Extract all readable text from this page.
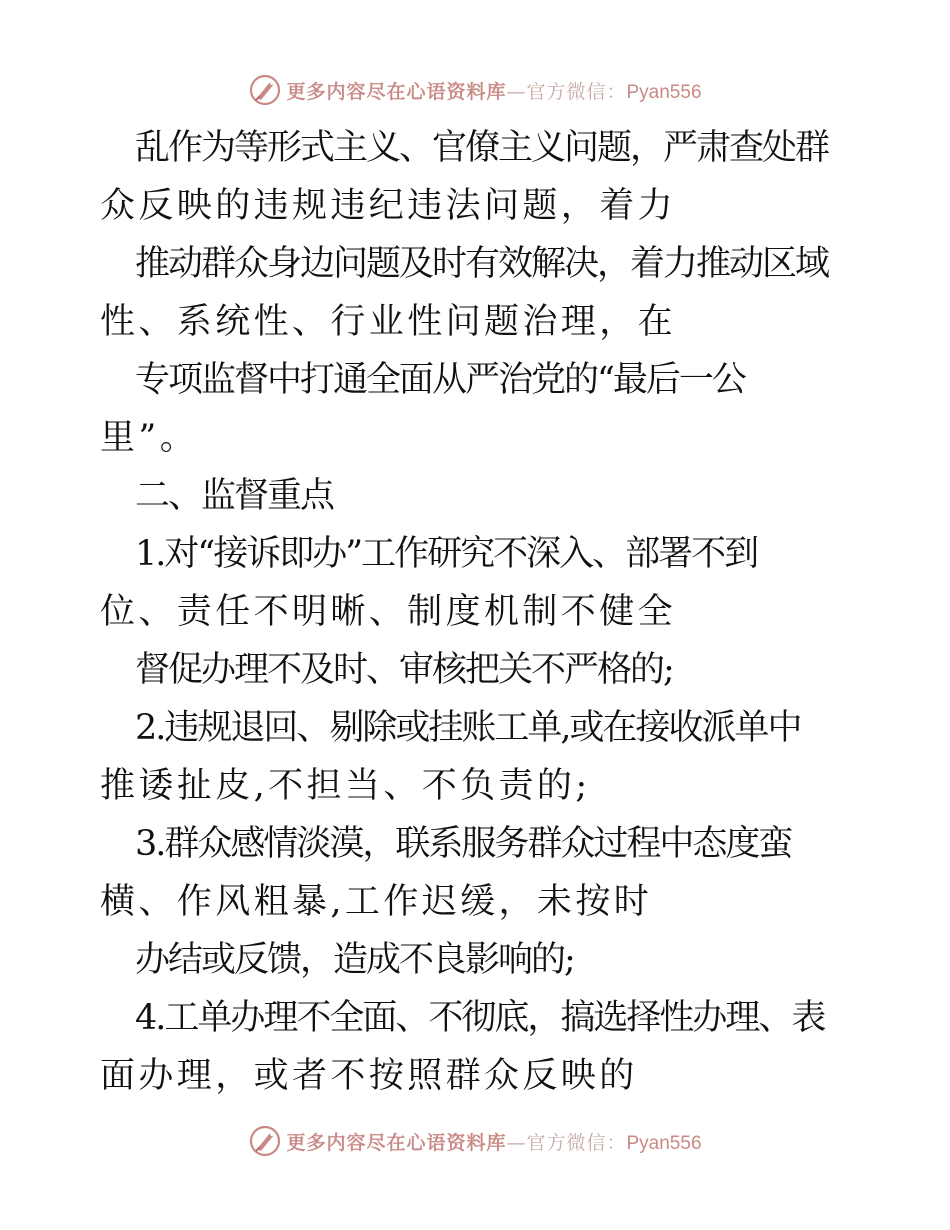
更多内容尽在心语资料库—官方微信：Pyan556
乱作为等形式主义、官僚主义问题，严肃查处群
众反映的违规违纪违法问题，着力
推动群众身边问题及时有效解决，着力推动区域
性、系统性、行业性问题治理，在
专项监督中打通全面从严治党的“最后一公
里”。
二、监督重点
1.对“接诉即办”工作研究不深入、部署不到
位、责任不明晰、制度机制不健全
督促办理不及时、审核把关不严格的;
2.违规退回、剔除或挂账工单,或在接收派单中
推诿扯皮,不担当、不负责的;
3.群众感情淡漠，联系服务群众过程中态度蛮
横、作风粗暴,工作迟缓，未按时
办结或反馈，造成不良影响的;
4.工单办理不全面、不彻底，搞选择性办理、表
面办理，或者不按照群众反映的
更多内容尽在心语资料库—官方微信：Pyan556
